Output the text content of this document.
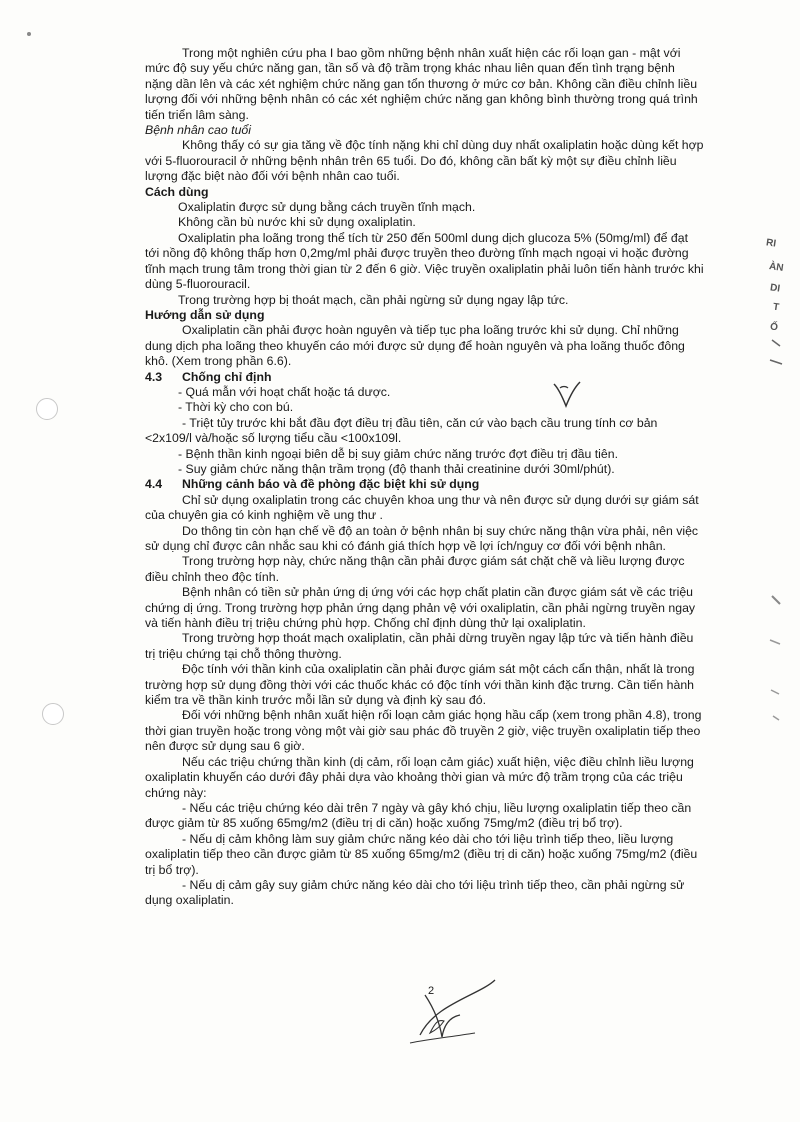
RI
ÀN
DI
T
Ố
2

Trong một nghiên cứu pha I bao gồm những bệnh nhân xuất hiện các rối loạn gan - mật với mức độ suy yếu chức năng gan, tần số và độ trầm trọng khác nhau liên quan đến tình trạng bệnh nặng dần lên và các xét nghiệm chức năng gan tổn thương ở mức cơ bản. Không cần điều chỉnh liều lượng đối với những bệnh nhân có các xét nghiệm chức năng gan không bình thường trong quá trình tiến triển lâm sàng.

Bệnh nhân cao tuổi

Không thấy có sự gia tăng về độc tính nặng khi chỉ dùng duy nhất oxaliplatin hoặc dùng kết hợp với 5-fluorouracil ở những bệnh nhân trên 65 tuổi. Do đó, không cần bất kỳ một sự điều chỉnh liều lượng đặc biệt nào đối với bệnh nhân cao tuổi.

Cách dùng

Oxaliplatin được sử dụng bằng cách truyền tĩnh mạch.

Không cần bù nước khi sử dụng oxaliplatin.

Oxaliplatin pha loãng trong thể tích từ 250 đến 500ml dung dịch glucoza 5% (50mg/ml) để đạt tới nồng độ không thấp hơn 0,2mg/ml phải được truyền theo đường tĩnh mạch ngoại vi hoặc đường tĩnh mạch trung tâm trong thời gian từ 2 đến 6 giờ. Việc truyền oxaliplatin phải luôn tiến hành trước khi dùng 5-fluorouracil.

Trong trường hợp bị thoát mạch, cần phải ngừng sử dụng ngay lập tức.

Hướng dẫn sử dụng

Oxaliplatin cần phải được hoàn nguyên và tiếp tục pha loãng trước khi sử dụng. Chỉ những dung dịch pha loãng theo khuyến cáo mới được sử dụng để hoàn nguyên và pha loãng thuốc đông khô. (Xem trong phần 6.6).

4.3	Chống chỉ định

- Quá mẫn với hoạt chất hoặc tá dược.

- Thời kỳ cho con bú.

- Triệt tủy trước khi bắt đầu đợt điều trị đầu tiên, căn cứ vào bạch cầu trung tính cơ bản <2x109/l và/hoặc số lượng tiểu cầu <100x109l.

- Bệnh thần kinh ngoại biên dễ bị suy giảm chức năng trước đợt điều trị đầu tiên.

- Suy giảm chức năng thận trầm trọng (độ thanh thải creatinine dưới 30ml/phút).

4.4	Những cảnh báo và đề phòng đặc biệt khi sử dụng

Chỉ sử dụng oxaliplatin trong các chuyên khoa ung thư và nên được sử dụng dưới sự giám sát của chuyên gia có kinh nghiệm về ung thư .

Do thông tin còn hạn chế về độ an toàn ở bệnh nhân bị suy chức năng thận vừa phải, nên việc sử dụng chỉ được cân nhắc sau khi có đánh giá thích hợp về lợi ích/nguy cơ đối với bệnh nhân.

Trong trường hợp này, chức năng thận cần phải được giám sát chặt chẽ và liều lượng được điều chỉnh theo độc tính.

Bệnh nhân có tiền sử phản ứng dị ứng với các hợp chất platin cần được giám sát về các triệu chứng dị ứng. Trong trường hợp phản ứng dạng phản vệ với oxaliplatin, cần phải ngừng truyền ngay và tiến hành điều trị triệu chứng phù hợp. Chống chỉ định dùng thử lại oxaliplatin.

Trong trường hợp thoát mạch oxaliplatin, cần phải dừng truyền ngay lập tức và tiến hành điều trị triệu chứng tại chỗ thông thường.

Độc tính với thần kinh của oxaliplatin cần phải được giám sát một cách cẩn thận, nhất là trong trường hợp sử dụng đồng thời với các thuốc khác có độc tính với thần kinh đặc trưng. Cần tiến hành kiểm tra về thần kinh trước mỗi lần sử dụng và định kỳ sau đó.

Đối với những bệnh nhân xuất hiện rối loạn cảm giác họng hầu cấp (xem trong phần 4.8), trong thời gian truyền hoặc trong vòng một vài giờ sau phác đồ truyền 2 giờ, việc truyền oxaliplatin tiếp theo nên được sử dụng sau 6 giờ.

Nếu các triệu chứng thần kinh (dị cảm, rối loạn cảm giác) xuất hiện, việc điều chỉnh liều lượng oxaliplatin khuyến cáo dưới đây phải dựa vào khoảng thời gian và mức độ trầm trọng của các triệu chứng này:

- Nếu các triệu chứng kéo dài trên 7 ngày và gây khó chịu, liều lượng oxaliplatin tiếp theo cần được giảm từ 85 xuống 65mg/m2 (điều trị di căn) hoặc xuống 75mg/m2 (điều trị bổ trợ).

- Nếu dị cảm không làm suy giảm chức năng kéo dài cho tới liệu trình tiếp theo, liều lượng oxaliplatin tiếp theo cần được giảm từ 85 xuống 65mg/m2 (điều trị di căn) hoặc xuống 75mg/m2 (điều trị bổ trợ).

- Nếu dị cảm gây suy giảm chức năng kéo dài cho tới liệu trình tiếp theo, cần phải ngừng sử dụng oxaliplatin.
